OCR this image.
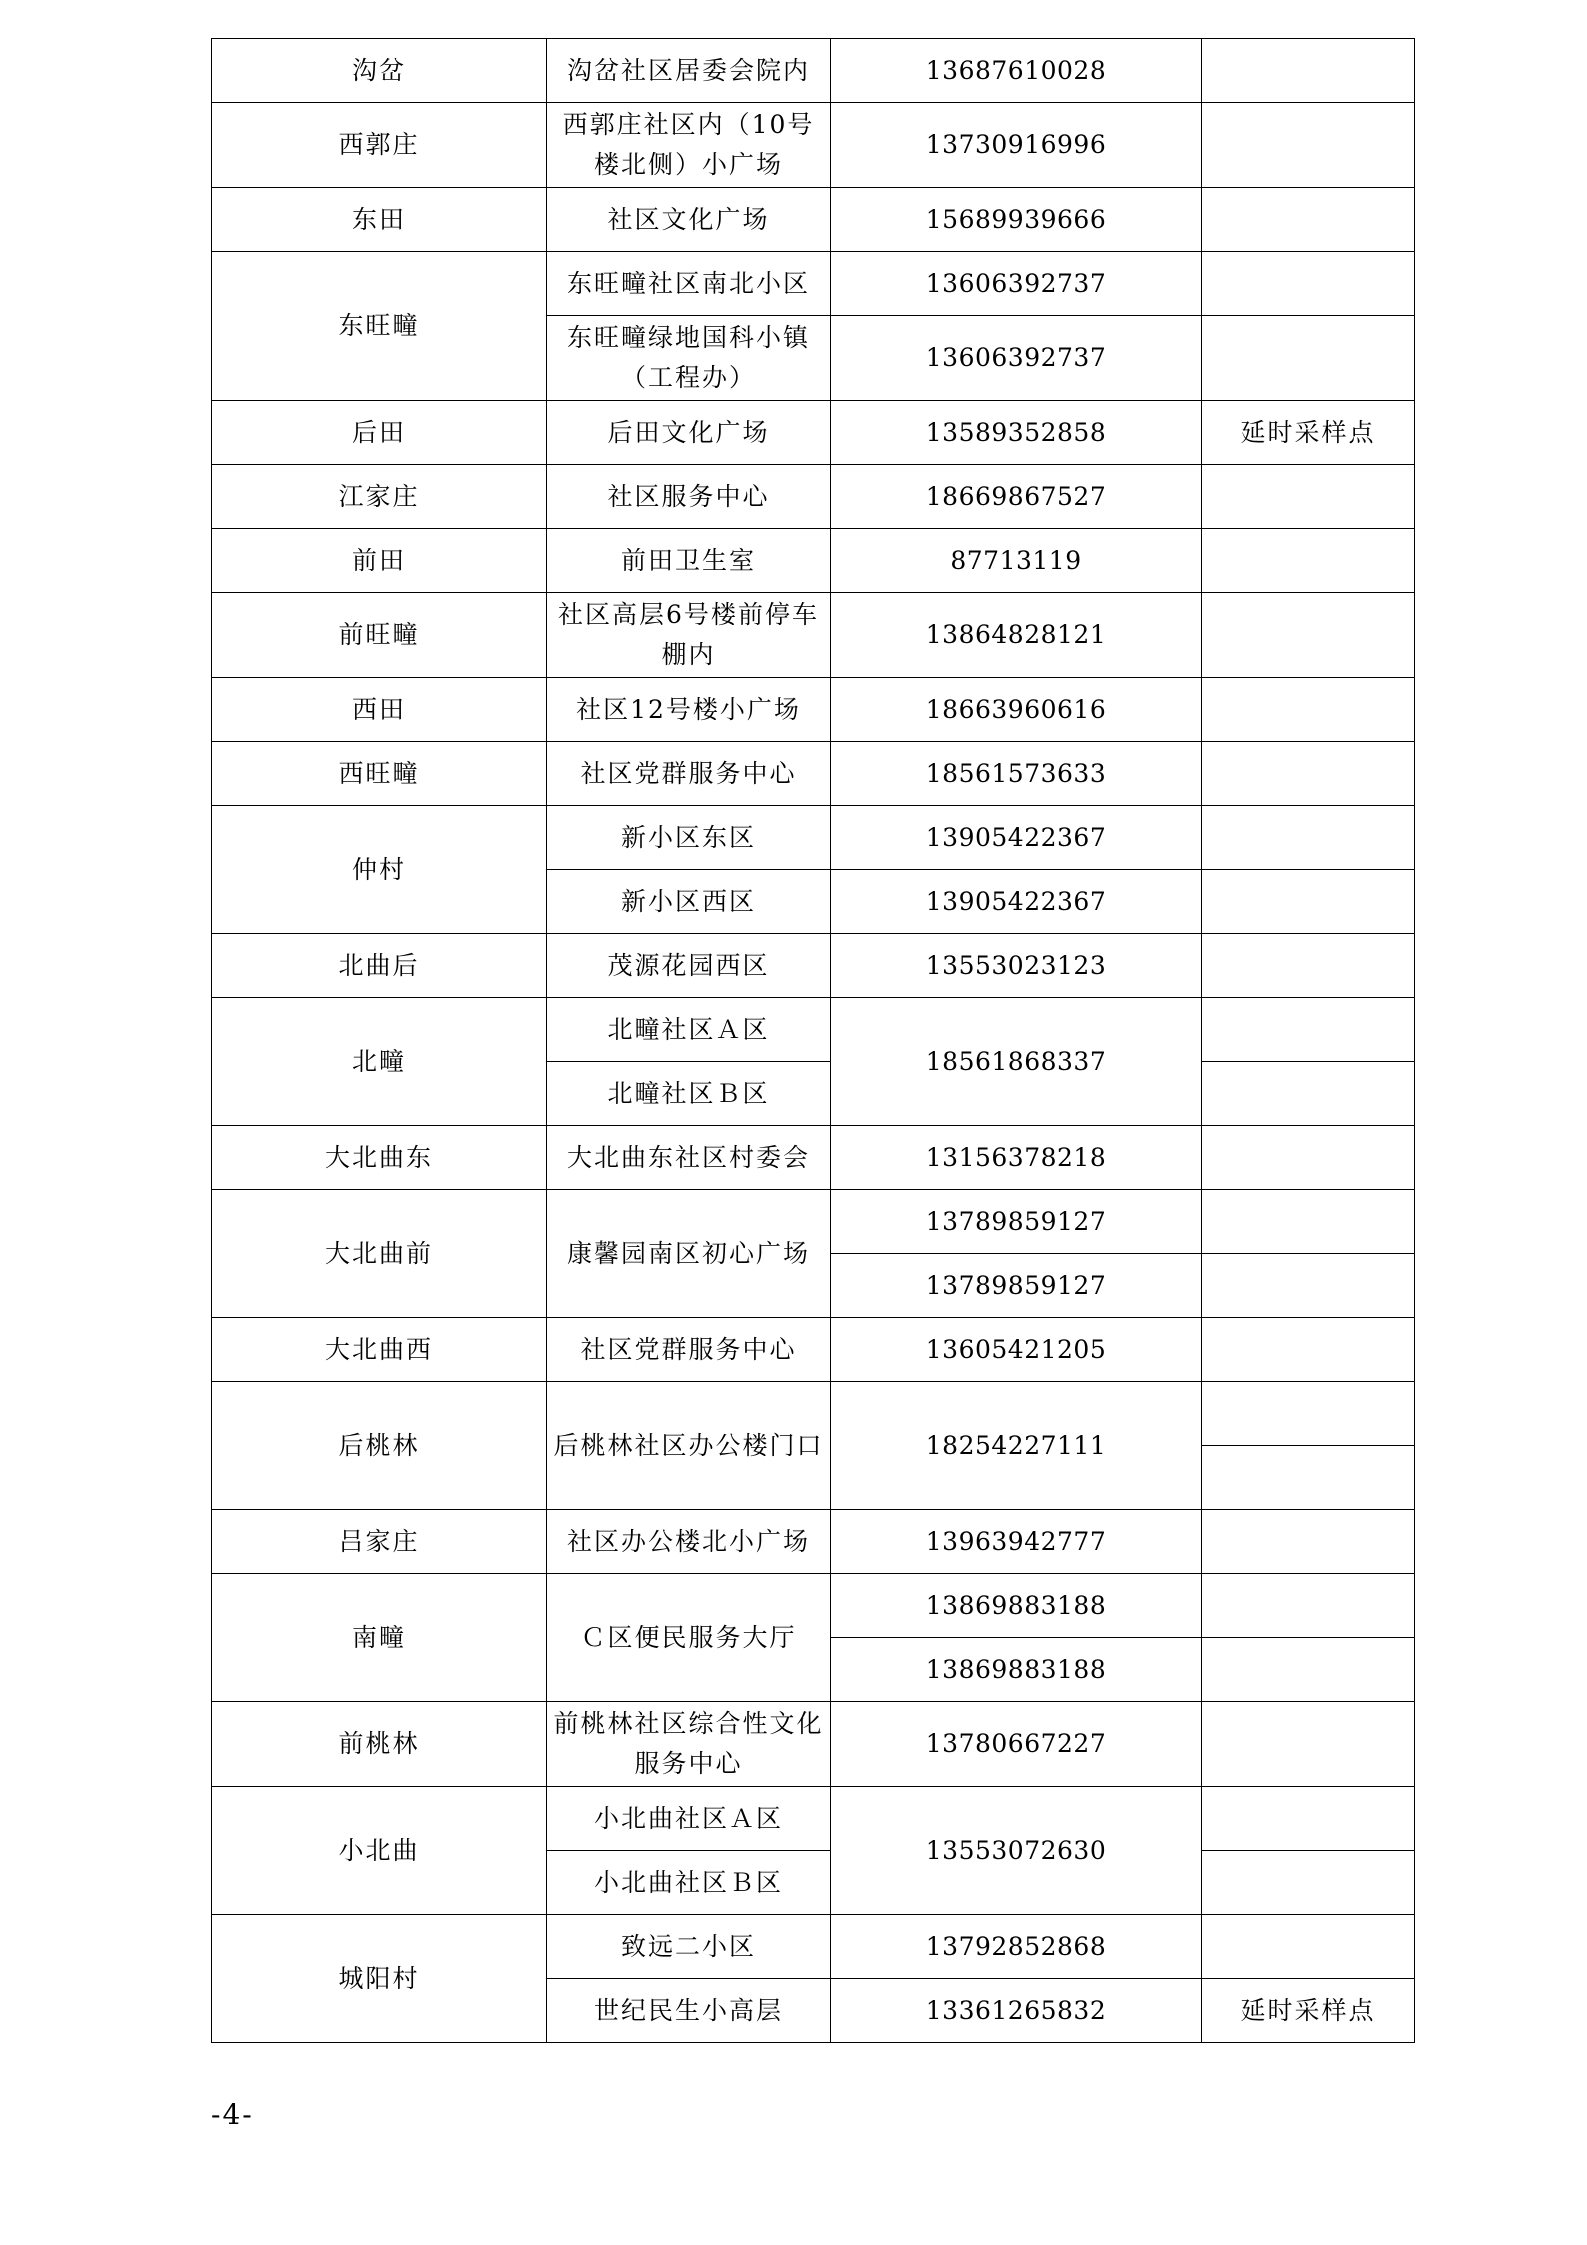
沟岔	沟岔社区居委会院内	13687610028	
西郭庄	西郭庄社区内（10号楼北侧）小广场	13730916996	
东田	社区文化广场	15689939666	
东旺疃	东旺疃社区南北小区	13606392737	
	东旺疃绿地国科小镇（工程办）	13606392737	
后田	后田文化广场	13589352858	延时采样点
江家庄	社区服务中心	18669867527	
前田	前田卫生室	87713119	
前旺疃	社区高层6号楼前停车棚内	13864828121	
西田	社区12号楼小广场	18663960616	
西旺疃	社区党群服务中心	18561573633	
仲村	新小区东区	13905422367	
	新小区西区	13905422367	
北曲后	茂源花园西区	13553023123	
北疃	北疃社区Ａ区	18561868337	
	北疃社区Ｂ区		
大北曲东	大北曲东社区村委会	13156378218	
大北曲前	康馨园南区初心广场	13789859127	
		13789859127	
大北曲西	社区党群服务中心	13605421205	
后桃林	后桃林社区办公楼门口	18254227111	

吕家庄	社区办公楼北小广场	13963942777	
南疃	Ｃ区便民服务大厅	13869883188	
		13869883188	
前桃林	前桃林社区综合性文化服务中心	13780667227	
小北曲	小北曲社区Ａ区	13553072630	
	小北曲社区Ｂ区		
城阳村	致远二小区	13792852868	
	世纪民生小高层	13361265832	延时采样点
-4-
